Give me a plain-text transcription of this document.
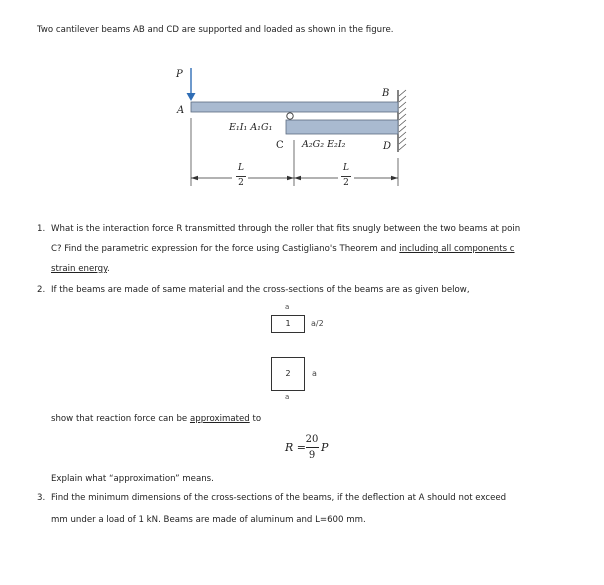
Two cantilever beams AB and CD are supported and loaded as shown in the figure.
P
A
B
C	D
E₁I₁ A₁G₁
A₂G₂ E₂I₂
L
2
L
2
1. What is the interaction force R transmitted through the roller that fits snugly between the two beams at poin
C? Find the parametric expression for the force using Castigliano's Theorem and including all components c
strain energy.
2. If the beams are made of same material and the cross-sections of the beams are as given below,
a
1	a/2
2	a
a
show that reaction force can be approximated to
R =
20
9
P
Explain what “approximation” means.
3. Find the minimum dimensions of the cross-sections of the beams, if the deflection at A should not exceed
mm under a load of 1 kN. Beams are made of aluminum and L=600 mm.
